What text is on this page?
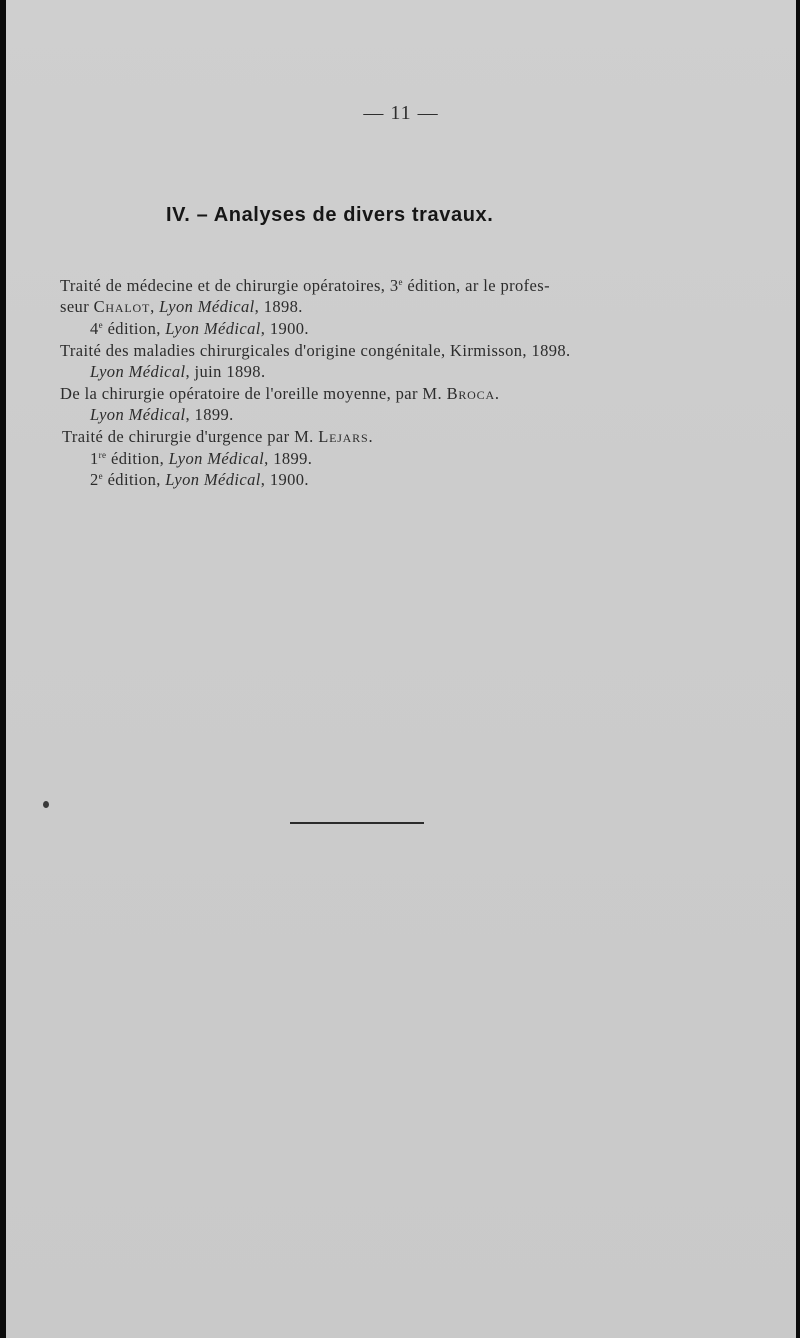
— 11 —
IV. – Analyses de divers travaux.
Traité de médecine et de chirurgie opératoires, 3e édition, ar le profes-
seur Chalot, Lyon Médical, 1898.
4e édition, Lyon Médical, 1900.
Traité des maladies chirurgicales d'origine congénitale, Kirmisson, 1898.
Lyon Médical, juin 1898.
De la chirurgie opératoire de l'oreille moyenne, par M. Broca.
Lyon Médical, 1899.
Traité de chirurgie d'urgence par M. Lejars.
1re édition, Lyon Médical, 1899.
2e édition, Lyon Médical, 1900.
